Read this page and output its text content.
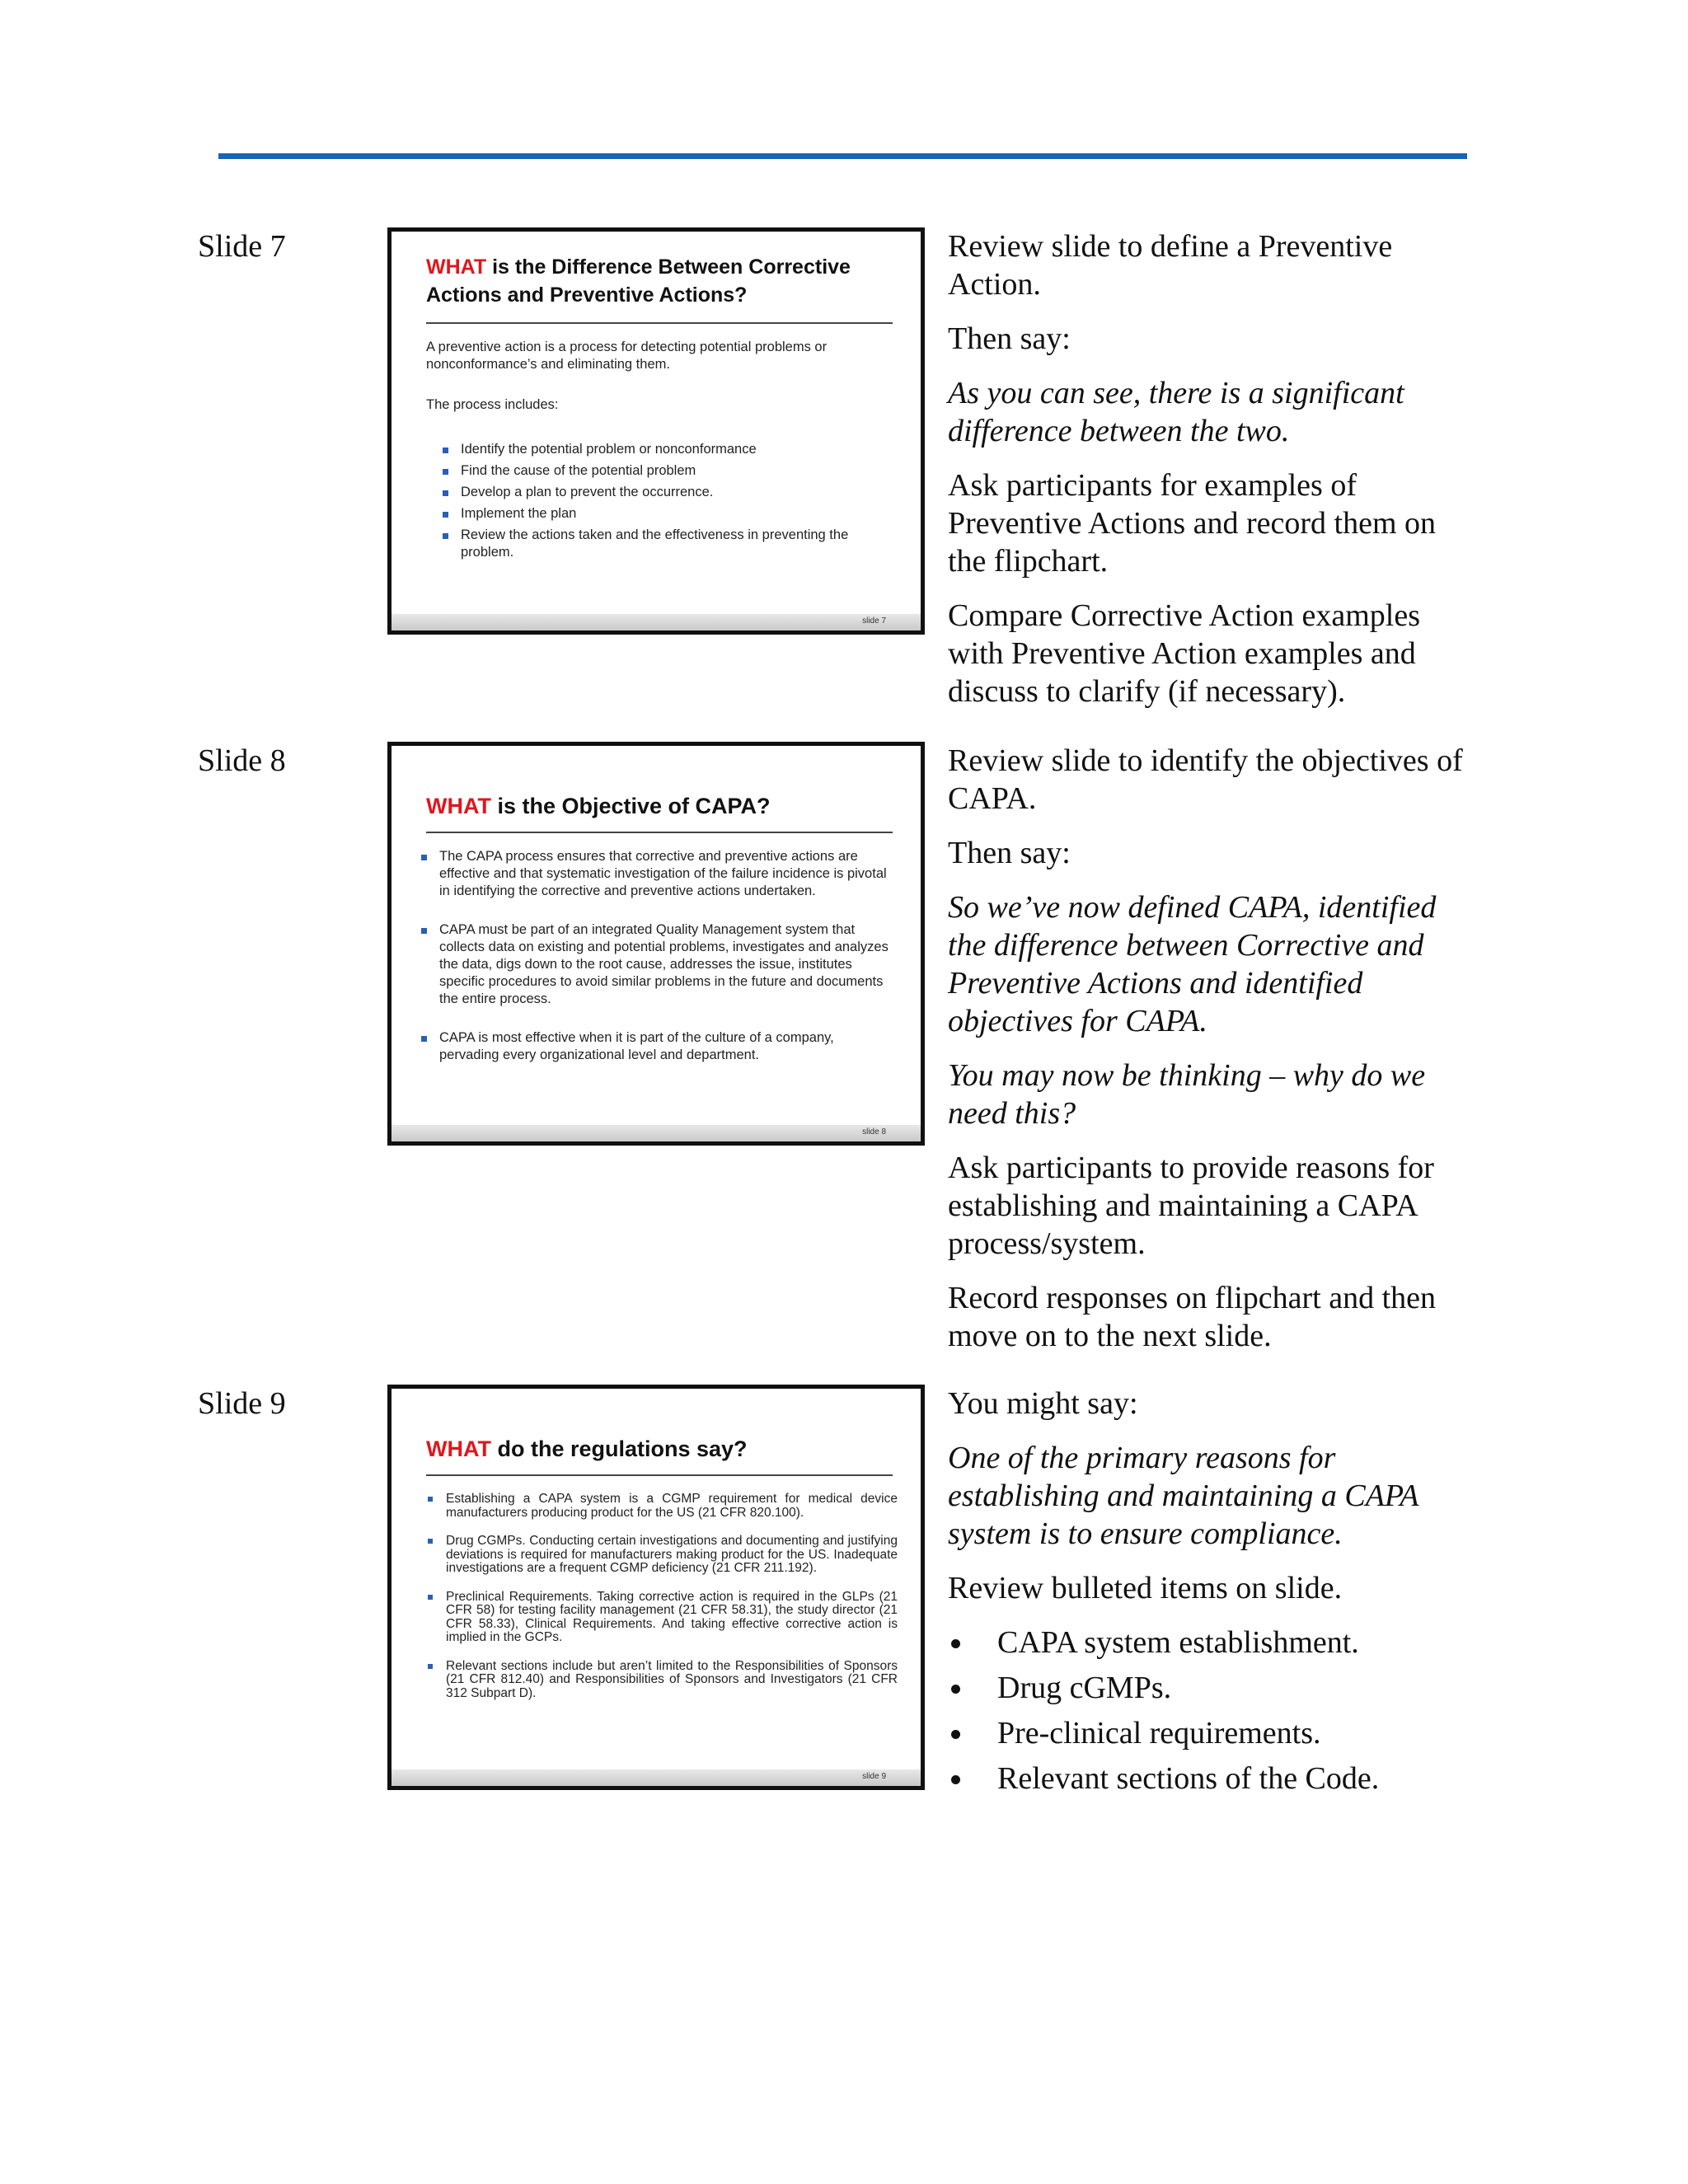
Slide 7
WHAT is the Difference Between Corrective Actions and Preventive Actions?
A preventive action is a process for detecting potential problems or nonconformance’s and eliminating them.
The process includes:
Identify the potential problem or nonconformance
Find the cause of the potential problem
Develop a plan to prevent the occurrence.
Implement the plan
Review the actions taken and the effectiveness in preventing the problem.
slide 7

Review slide to define a Preventive Action.

Then say:

As you can see, there is a significant difference between the two.

Ask participants for examples of Preventive Actions and record them on the flipchart.

Compare Corrective Action examples with Preventive Action examples and discuss to clarify (if necessary).

Slide 8
WHAT is the Objective of CAPA?
The CAPA process ensures that corrective and preventive actions are effective and that systematic investigation of the failure incidence is pivotal in identifying the corrective and preventive actions undertaken.
CAPA must be part of an integrated Quality Management system that collects data on existing and potential problems, investigates and analyzes the data, digs down to the root cause, addresses the issue, institutes specific procedures to avoid similar problems in the future and documents the entire process.
CAPA is most effective when it is part of the culture of a company, pervading every organizational level and department.
slide 8

Review slide to identify the objectives of CAPA.

Then say:

So we’ve now defined CAPA, identified the difference between Corrective and Preventive Actions and identified objectives for CAPA.

You may now be thinking – why do we need this?

Ask participants to provide reasons for establishing and maintaining a CAPA process/system.

Record responses on flipchart and then move on to the next slide.

Slide 9
WHAT do the regulations say?
Establishing a CAPA system is a CGMP requirement for medical device manufacturers producing product for the US (21 CFR 820.100).
Drug CGMPs. Conducting certain investigations and documenting and justifying deviations is required for manufacturers making product for the US. Inadequate investigations are a frequent CGMP deficiency (21 CFR 211.192).
Preclinical Requirements. Taking corrective action is required in the GLPs (21 CFR 58) for testing facility management (21 CFR 58.31), the study director (21 CFR 58.33), Clinical Requirements. And taking effective corrective action is implied in the GCPs.
Relevant sections include but aren’t limited to the Responsibilities of Sponsors (21 CFR 812.40) and Responsibilities of Sponsors and Investigators (21 CFR 312 Subpart D).
slide 9

You might say:

One of the primary reasons for establishing and maintaining a CAPA system is to ensure compliance.

Review bulleted items on slide.

CAPA system establishment.
Drug cGMPs.
Pre-clinical requirements.
Relevant sections of the Code.
